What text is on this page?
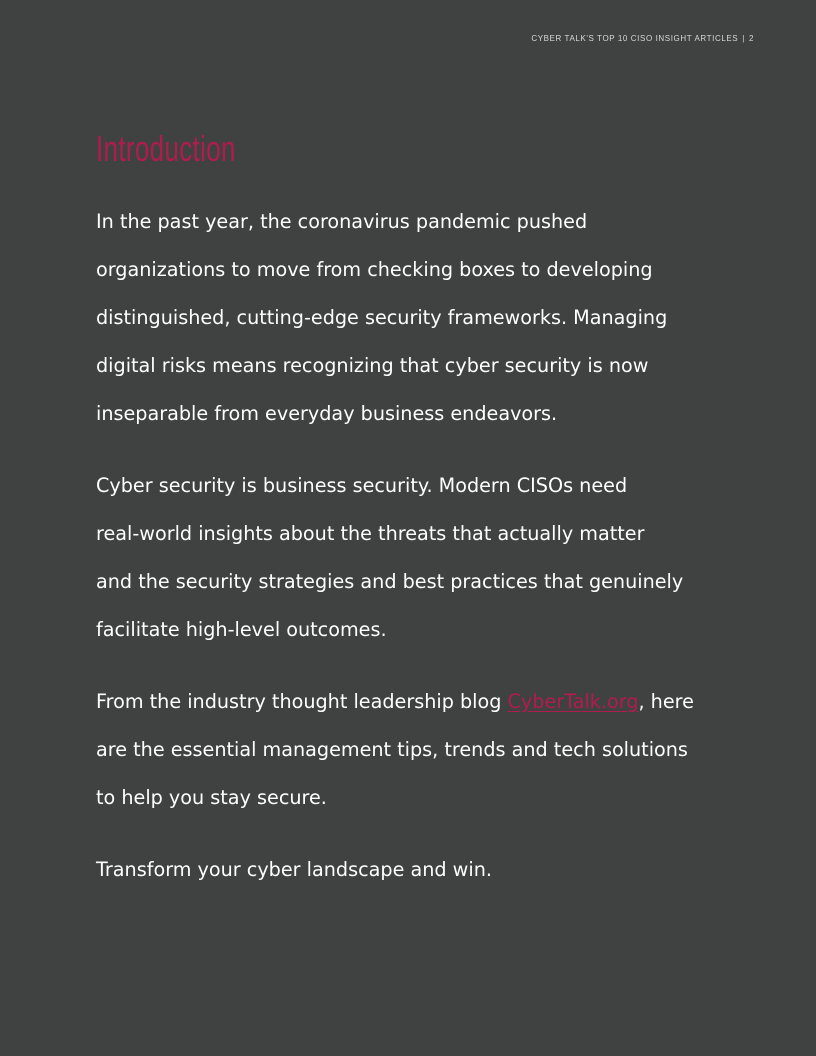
CYBER TALK'S TOP 10 CISO INSIGHT ARTICLES | 2
Introduction

In the past year, the coronavirus pandemic pushed
organizations to move from checking boxes to developing
distinguished, cutting-edge security frameworks. Managing
digital risks means recognizing that cyber security is now
inseparable from everyday business endeavors.

Cyber security is business security. Modern CISOs need
real-world insights about the threats that actually matter
and the security strategies and best practices that genuinely
facilitate high-level outcomes.

From the industry thought leadership blog CyberTalk.org, here
are the essential management tips, trends and tech solutions
to help you stay secure.

Transform your cyber landscape and win.
